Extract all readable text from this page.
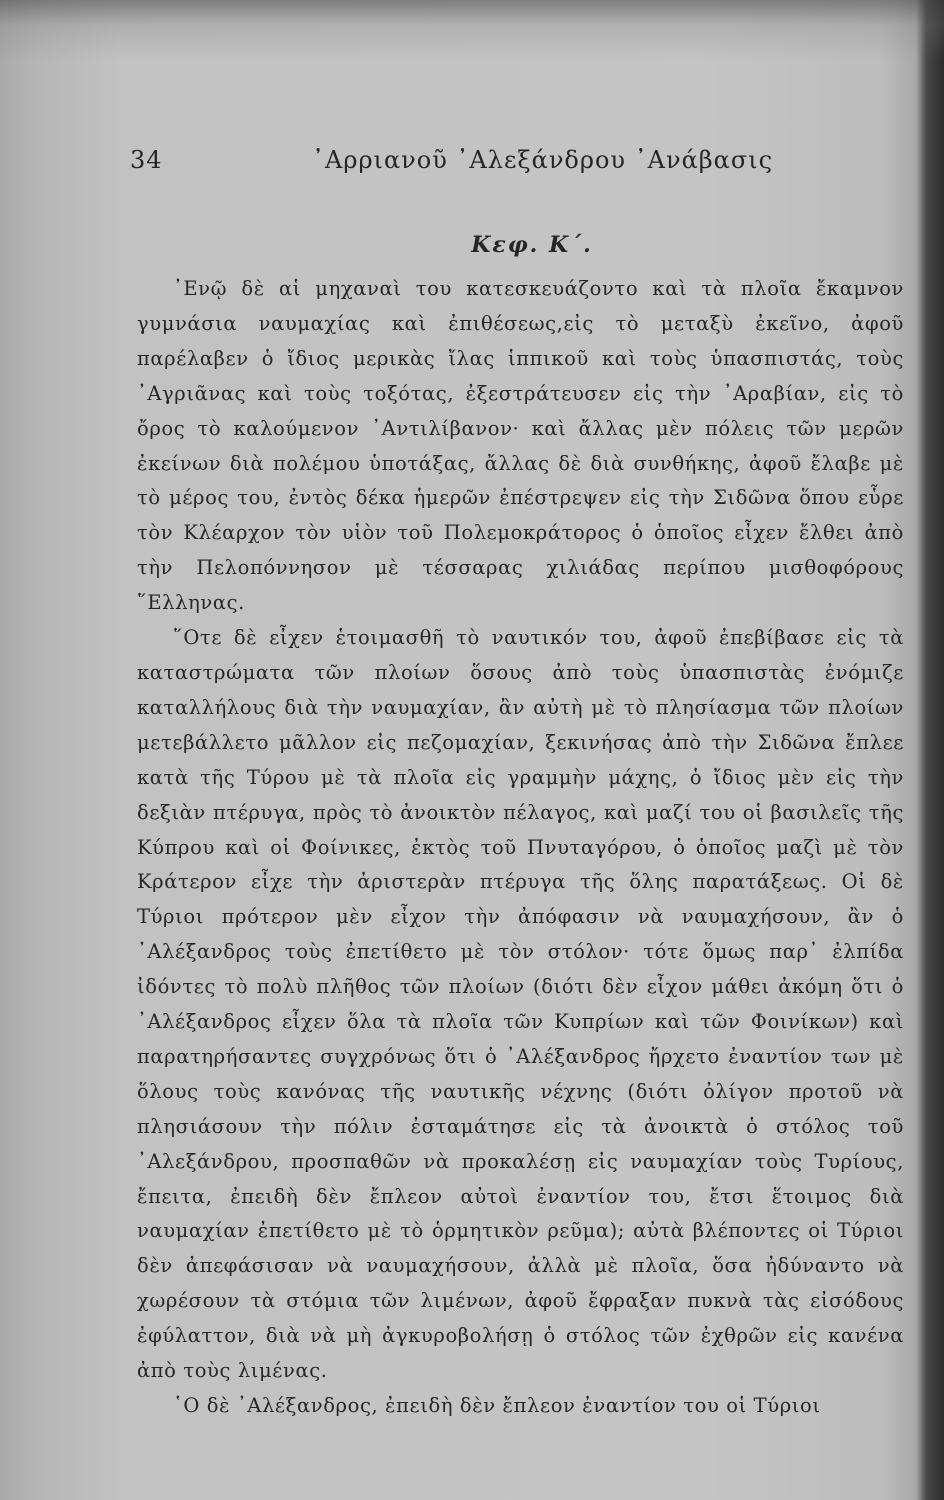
34	᾿Αρριανοῦ ᾿Αλεξάνδρου ᾿Ανάβασις
Κεφ. Κ΄.

᾿Ενῷ δὲ αἱ μηχαναὶ του κατεσκευάζοντο καὶ τὰ πλοῖα ἔκαμνον γυμνάσια ναυμαχίας καὶ ἐπιθέσεως,εἰς τὸ μεταξὺ ἐκεῖνο, ἀφοῦ παρέλαβεν ὁ ἴδιος μερικὰς ἴλας ἱππικοῦ καὶ τοὺς ὑπασπιστάς, τοὺς ᾿Αγριᾶνας καὶ τοὺς τοξότας, ἐξεστράτευσεν εἰς τὴν ᾿Αραβίαν, εἰς τὸ ὄρος τὸ καλούμενον ᾿Αντιλίβανον· καὶ ἄλλας μὲν πόλεις τῶν μερῶν ἐκείνων διὰ πολέμου ὑποτάξας, ἄλλας δὲ διὰ συνθήκης, ἀφοῦ ἔλαβε μὲ τὸ μέρος του, ἐντὸς δέκα ἡμερῶν ἐπέστρεψεν εἰς τὴν Σιδῶνα ὅπου εὗρε τὸν Κλέαρχον τὸν υἱὸν τοῦ Πολεμοκράτορος ὁ ὁποῖος εἶχεν ἔλθει ἀπὸ τὴν Πελοπόννησον μὲ τέσσαρας χιλιάδας περίπου μισθοφόρους ῞Ελληνας.

῞Οτε δὲ εἶχεν ἑτοιμασθῆ τὸ ναυτικόν του, ἀφοῦ ἐπεβίβασε εἰς τὰ καταστρώματα τῶν πλοίων ὅσους ἀπὸ τοὺς ὑπασπιστὰς ἐνόμιζε καταλλήλους διὰ τὴν ναυμαχίαν, ἂν αὐτὴ μὲ τὸ πλησίασμα τῶν πλοίων μετεβάλλετο μᾶλλον εἰς πεζομαχίαν, ξεκινήσας ἀπὸ τὴν Σιδῶνα ἔπλεε κατὰ τῆς Τύρου μὲ τὰ πλοῖα εἰς γραμμὴν μάχης, ὁ ἴδιος μὲν εἰς τὴν δεξιὰν πτέρυγα, πρὸς τὸ ἀνοικτὸν πέλαγος, καὶ μαζί του οἱ βασιλεῖς τῆς Κύπρου καὶ οἱ Φοίνικες, ἐκτὸς τοῦ Πνυταγόρου, ὁ ὁποῖος μαζὶ μὲ τὸν Κράτερον εἶχε τὴν ἀριστερὰν πτέρυγα τῆς ὅλης παρατάξεως. Οἱ δὲ Τύριοι πρότερον μὲν εἶχον τὴν ἀπόφασιν νὰ ναυμαχήσουν, ἂν ὁ ᾿Αλέξανδρος τοὺς ἐπετίθετο μὲ τὸν στόλον· τότε ὅμως παρ᾿ ἐλπίδα ἰδόντες τὸ πολὺ πλῆθος τῶν πλοίων (διότι δὲν εἶχον μάθει ἀκόμη ὅτι ὁ ᾿Αλέξανδρος εἶχεν ὅλα τὰ πλοῖα τῶν Κυπρίων καὶ τῶν Φοινίκων) καὶ παρατηρήσαντες συγχρόνως ὅτι ὁ ᾿Αλέξανδρος ἤρχετο ἐναντίον των μὲ ὅλους τοὺς κανόνας τῆς ναυτικῆς νέχνης (διότι ὀλίγον προτοῦ νὰ πλησιάσουν τὴν πόλιν ἐσταμάτησε εἰς τὰ ἀνοικτὰ ὁ στόλος τοῦ ᾿Αλεξάνδρου, προσπαθῶν νὰ προκαλέσῃ εἰς ναυμαχίαν τοὺς Τυρίους, ἔπειτα, ἐπειδὴ δὲν ἔπλεον αὐτοὶ ἐναντίον του, ἔτσι ἕτοιμος διὰ ναυμαχίαν ἐπετίθετο μὲ τὸ ὁρμητικὸν ρεῦμα); αὐτὰ βλέποντες οἱ Τύριοι δὲν ἀπεφάσισαν νὰ ναυμαχήσουν, ἀλλὰ μὲ πλοῖα, ὅσα ἠδύναντο νὰ χωρέσουν τὰ στόμια τῶν λιμένων, ἀφοῦ ἔφραξαν πυκνὰ τὰς εἰσόδους ἐφύλαττον, διὰ νὰ μὴ ἀγκυροβολήσῃ ὁ στόλος τῶν ἐχθρῶν εἰς κανένα ἀπὸ τοὺς λιμένας.

῾Ο δὲ ᾿Αλέξανδρος, ἐπειδὴ δὲν ἔπλεον ἐναντίον του οἱ Τύριοι
